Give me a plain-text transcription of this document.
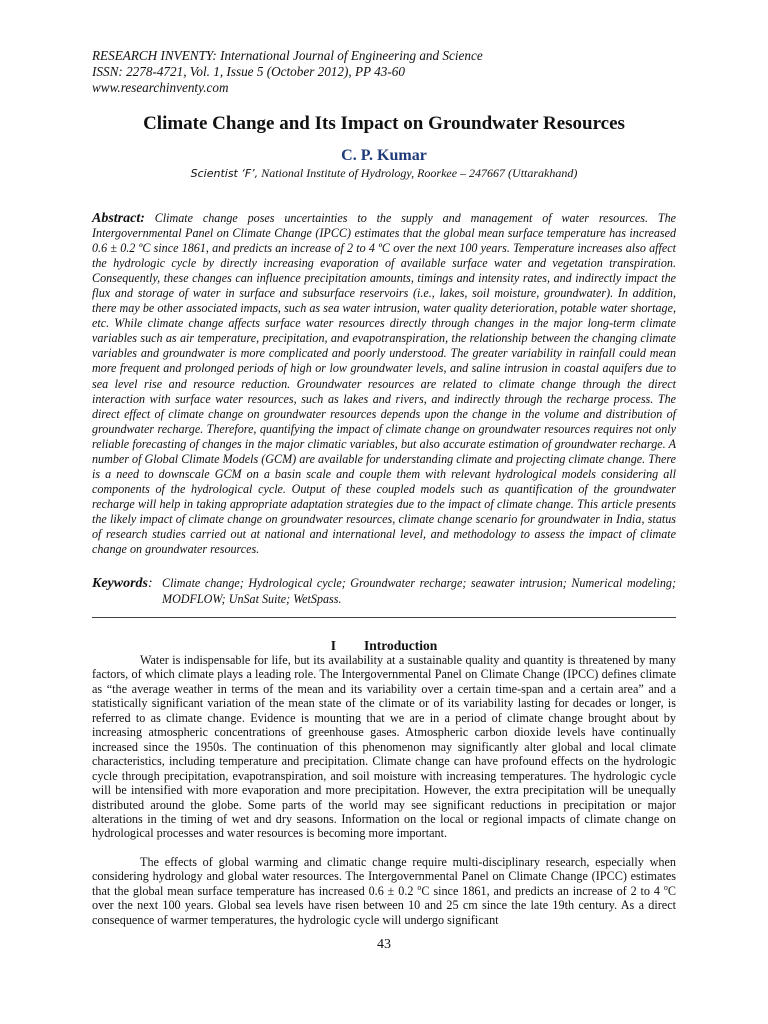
RESEARCH INVENTY: International Journal of Engineering and Science
ISSN: 2278-4721, Vol. 1, Issue 5 (October 2012), PP 43-60
www.researchinventy.com
Climate Change and Its Impact on Groundwater Resources
C. P. Kumar
Scientist ‘F’, National Institute of Hydrology, Roorkee – 247667 (Uttarakhand)
Abstract: Climate change poses uncertainties to the supply and management of water resources. The Intergovernmental Panel on Climate Change (IPCC) estimates that the global mean surface temperature has increased 0.6 ± 0.2 ºC since 1861, and predicts an increase of 2 to 4 ºC over the next 100 years. Temperature increases also affect the hydrologic cycle by directly increasing evaporation of available surface water and vegetation transpiration. Consequently, these changes can influence precipitation amounts, timings and intensity rates, and indirectly impact the flux and storage of water in surface and subsurface reservoirs (i.e., lakes, soil moisture, groundwater). In addition, there may be other associated impacts, such as sea water intrusion, water quality deterioration, potable water shortage, etc. While climate change affects surface water resources directly through changes in the major long-term climate variables such as air temperature, precipitation, and evapotranspiration, the relationship between the changing climate variables and groundwater is more complicated and poorly understood. The greater variability in rainfall could mean more frequent and prolonged periods of high or low groundwater levels, and saline intrusion in coastal aquifers due to sea level rise and resource reduction. Groundwater resources are related to climate change through the direct interaction with surface water resources, such as lakes and rivers, and indirectly through the recharge process. The direct effect of climate change on groundwater resources depends upon the change in the volume and distribution of groundwater recharge. Therefore, quantifying the impact of climate change on groundwater resources requires not only reliable forecasting of changes in the major climatic variables, but also accurate estimation of groundwater recharge. A number of Global Climate Models (GCM) are available for understanding climate and projecting climate change. There is a need to downscale GCM on a basin scale and couple them with relevant hydrological models considering all components of the hydrological cycle. Output of these coupled models such as quantification of the groundwater recharge will help in taking appropriate adaptation strategies due to the impact of climate change. This article presents the likely impact of climate change on groundwater resources, climate change scenario for groundwater in India, status of research studies carried out at national and international level, and methodology to assess the impact of climate change on groundwater resources.
Keywords: Climate change; Hydrological cycle; Groundwater recharge; seawater intrusion; Numerical modeling; MODFLOW; UnSat Suite; WetSpass.
I Introduction

Water is indispensable for life, but its availability at a sustainable quality and quantity is threatened by many factors, of which climate plays a leading role. The Intergovernmental Panel on Climate Change (IPCC) defines climate as “the average weather in terms of the mean and its variability over a certain time-span and a certain area” and a statistically significant variation of the mean state of the climate or of its variability lasting for decades or longer, is referred to as climate change. Evidence is mounting that we are in a period of climate change brought about by increasing atmospheric concentrations of greenhouse gases. Atmospheric carbon dioxide levels have continually increased since the 1950s. The continuation of this phenomenon may significantly alter global and local climate characteristics, including temperature and precipitation. Climate change can have profound effects on the hydrologic cycle through precipitation, evapotranspiration, and soil moisture with increasing temperatures. The hydrologic cycle will be intensified with more evaporation and more precipitation. However, the extra precipitation will be unequally distributed around the globe. Some parts of the world may see significant reductions in precipitation or major alterations in the timing of wet and dry seasons. Information on the local or regional impacts of climate change on hydrological processes and water resources is becoming more important.

The effects of global warming and climatic change require multi-disciplinary research, especially when considering hydrology and global water resources. The Intergovernmental Panel on Climate Change (IPCC) estimates that the global mean surface temperature has increased 0.6 ± 0.2 $^o$C since 1861, and predicts an increase of 2 to 4 $^o$C over the next 100 years. Global sea levels have risen between 10 and 25 cm since the late 19th century. As a direct consequence of warmer temperatures, the hydrologic cycle will undergo significant

43
